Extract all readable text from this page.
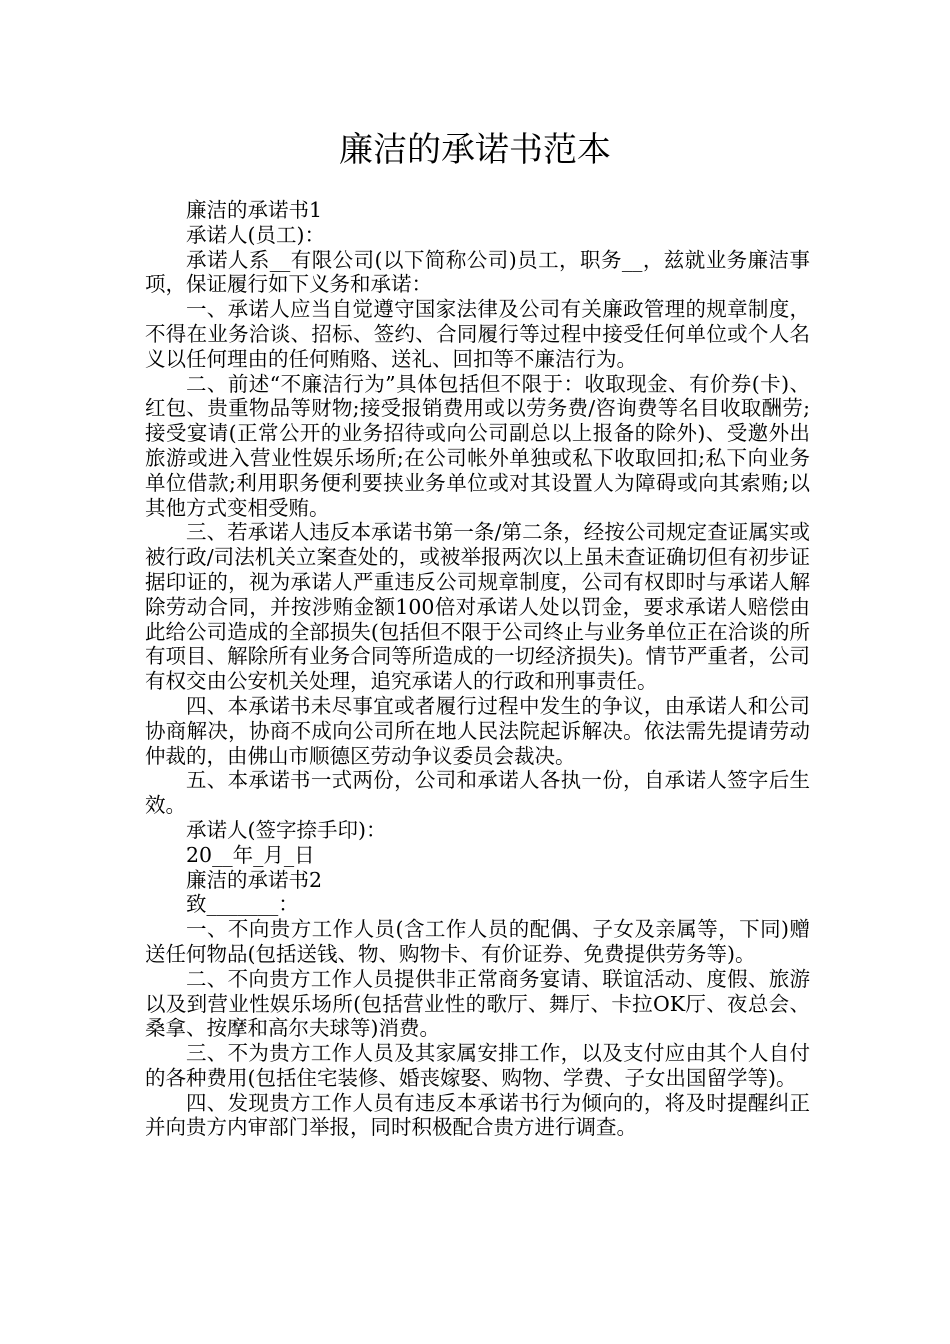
廉洁的承诺书范本

廉洁的承诺书1

承诺人(员工)：

承诺人系__有限公司(以下简称公司)员工，职务__，兹就业务廉洁事项，保证履行如下义务和承诺：

一、承诺人应当自觉遵守国家法律及公司有关廉政管理的规章制度，不得在业务洽谈、招标、签约、合同履行等过程中接受任何单位或个人名义以任何理由的任何贿赂、送礼、回扣等不廉洁行为。

二、前述“不廉洁行为”具体包括但不限于：收取现金、有价券(卡)、红包、贵重物品等财物;接受报销费用或以劳务费/咨询费等名目收取酬劳;接受宴请(正常公开的业务招待或向公司副总以上报备的除外)、受邀外出旅游或进入营业性娱乐场所;在公司帐外单独或私下收取回扣;私下向业务单位借款;利用职务便利要挟业务单位或对其设置人为障碍或向其索贿;以其他方式变相受贿。

三、若承诺人违反本承诺书第一条/第二条，经按公司规定查证属实或被行政/司法机关立案查处的，或被举报两次以上虽未查证确切但有初步证据印证的，视为承诺人严重违反公司规章制度，公司有权即时与承诺人解除劳动合同，并按涉贿金额100倍对承诺人处以罚金，要求承诺人赔偿由此给公司造成的全部损失(包括但不限于公司终止与业务单位正在洽谈的所有项目、解除所有业务合同等所造成的一切经济损失)。情节严重者，公司有权交由公安机关处理，追究承诺人的行政和刑事责任。

四、本承诺书未尽事宜或者履行过程中发生的争议，由承诺人和公司协商解决，协商不成向公司所在地人民法院起诉解决。依法需先提请劳动仲裁的，由佛山市顺德区劳动争议委员会裁决。

五、本承诺书一式两份，公司和承诺人各执一份，自承诺人签字后生效。

承诺人(签字捺手印)：

20__年_月_日

廉洁的承诺书2

致_______：

一、不向贵方工作人员(含工作人员的配偶、子女及亲属等，下同)赠送任何物品(包括送钱、物、购物卡、有价证券、免费提供劳务等)。

二、不向贵方工作人员提供非正常商务宴请、联谊活动、度假、旅游以及到营业性娱乐场所(包括营业性的歌厅、舞厅、卡拉OK厅、夜总会、桑拿、按摩和高尔夫球等)消费。

三、不为贵方工作人员及其家属安排工作，以及支付应由其个人自付的各种费用(包括住宅装修、婚丧嫁娶、购物、学费、子女出国留学等)。

四、发现贵方工作人员有违反本承诺书行为倾向的，将及时提醒纠正并向贵方内审部门举报，同时积极配合贵方进行调查。
